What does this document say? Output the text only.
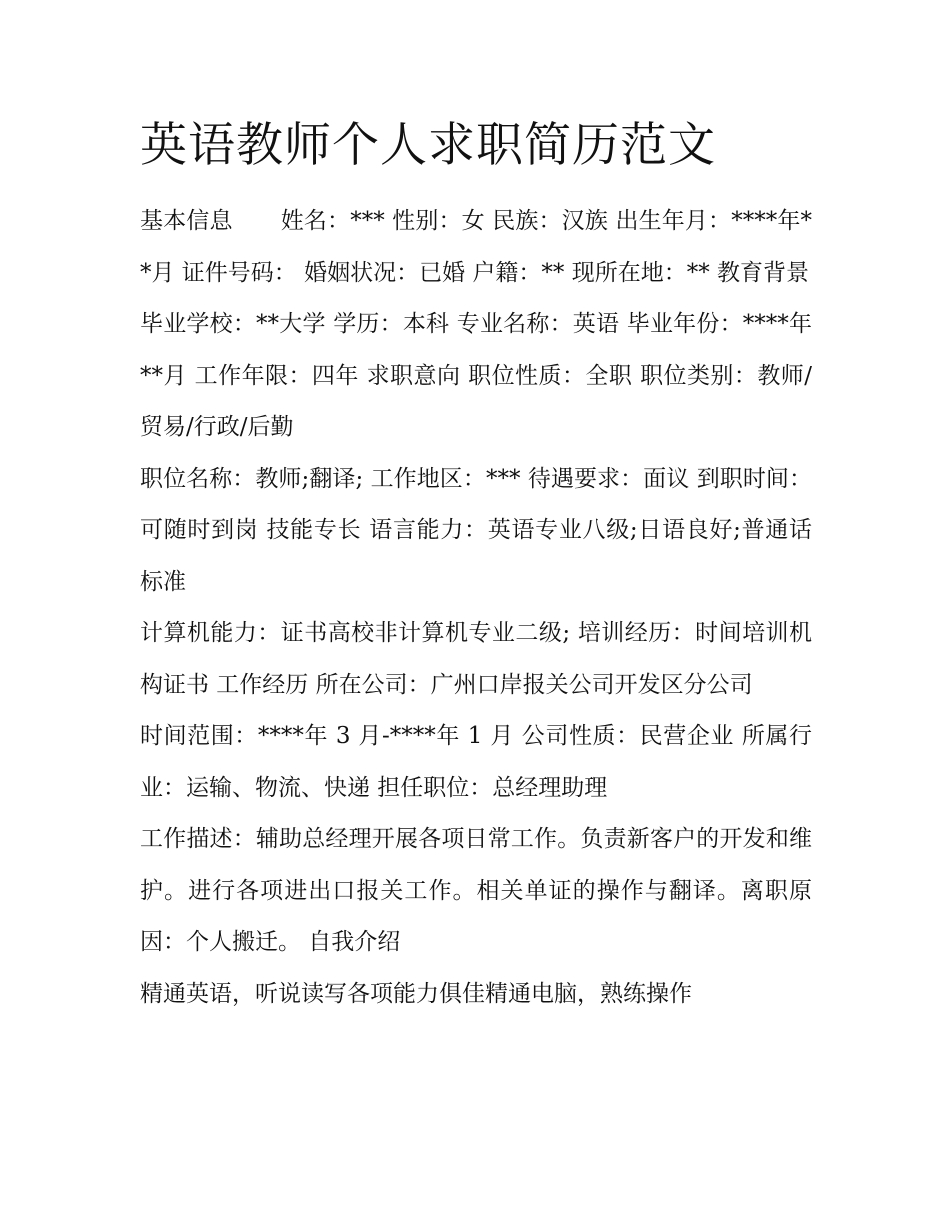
英语教师个人求职简历范文

基本信息 姓名：*** 性别：女 民族：汉族 出生年月：****年**月 证件号码： 婚姻状况：已婚 户籍：** 现所在地：** 教育背景

毕业学校：**大学 学历：本科 专业名称：英语 毕业年份：****年**月 工作年限：四年 求职意向 职位性质：全职 职位类别：教师/贸易/行政/后勤

职位名称：教师;翻译; 工作地区：*** 待遇要求：面议 到职时间：可随时到岗 技能专长 语言能力：英语专业八级;日语良好;普通话标准

计算机能力：证书高校非计算机专业二级; 培训经历：时间培训机构证书 工作经历 所在公司：广州口岸报关公司开发区分公司

时间范围：****年 3 月-****年 1 月 公司性质：民营企业 所属行业：运输、物流、快递 担任职位：总经理助理

工作描述：辅助总经理开展各项日常工作。负责新客户的开发和维护。进行各项进出口报关工作。相关单证的操作与翻译。离职原因：个人搬迁。 自我介绍

精通英语，听说读写各项能力俱佳精通电脑，熟练操作
